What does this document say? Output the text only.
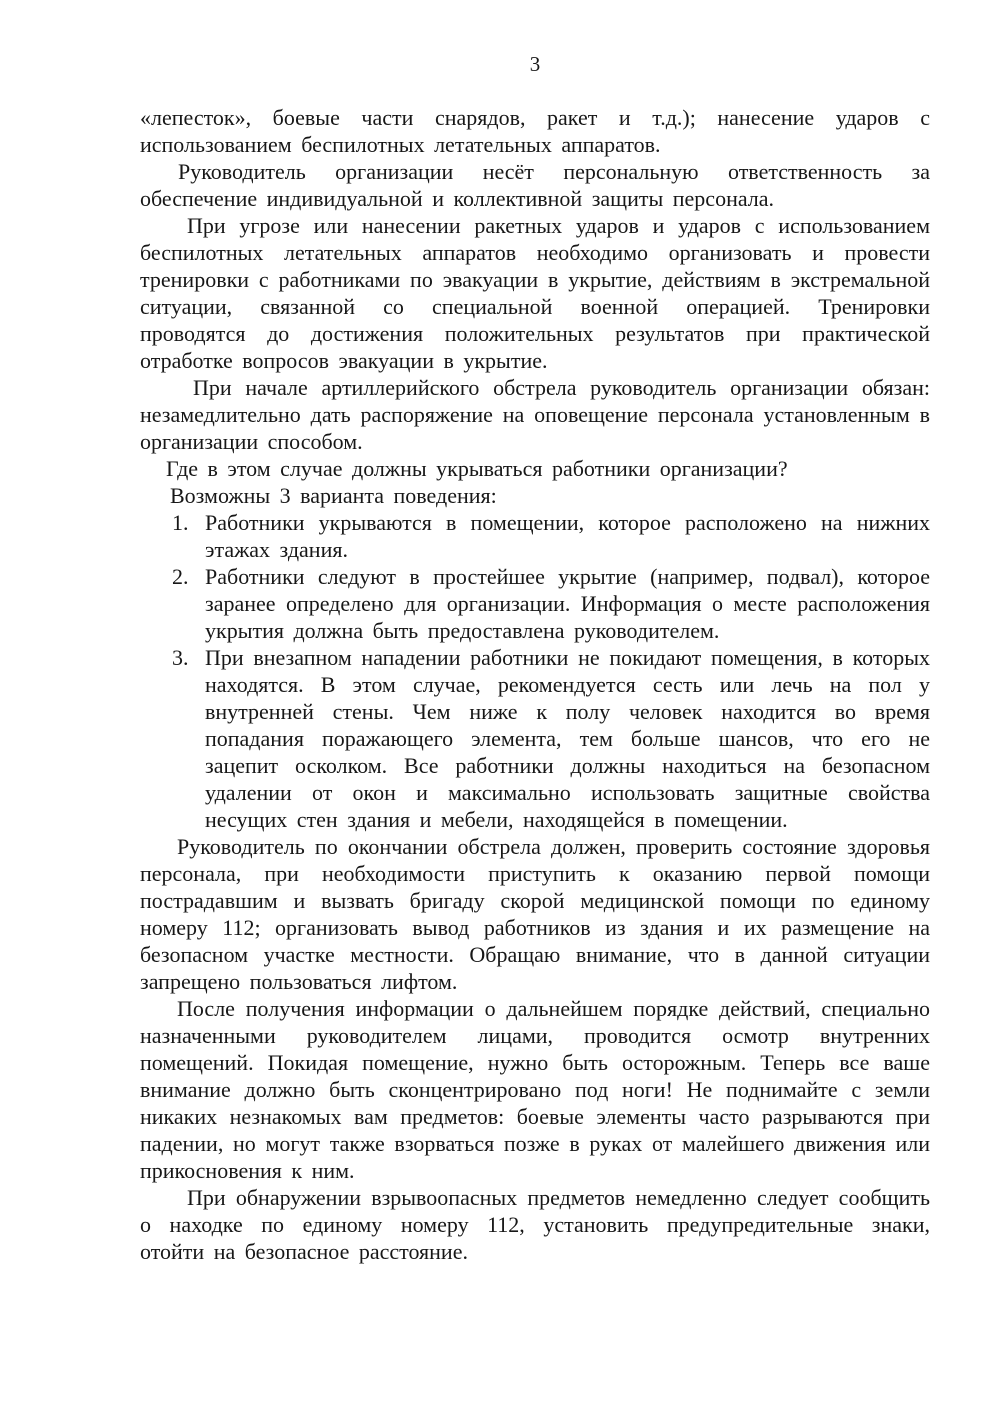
3

«лепесток», боевые части снарядов, ракет и т.д.); нанесение ударов с использованием беспилотных летательных аппаратов.

Руководитель организации несёт персональную ответственность за обеспечение индивидуальной и коллективной защиты персонала.

При угрозе или нанесении ракетных ударов и ударов с использованием беспилотных летательных аппаратов необходимо организовать и провести тренировки с работниками по эвакуации в укрытие, действиям в экстремальной ситуации, связанной со специальной военной операцией. Тренировки проводятся до достижения положительных результатов при практической отработке вопросов эвакуации в укрытие.

При начале артиллерийского обстрела руководитель организации обязан: незамедлительно дать распоряжение на оповещение персонала установленным в организации способом.

Где в этом случае должны укрываться работники организации?

Возможны 3 варианта поведения:

1. Работники укрываются в помещении, которое расположено на нижних этажах здания.
2. Работники следуют в простейшее укрытие (например, подвал), которое заранее определено для организации. Информация о месте расположения укрытия должна быть предоставлена руководителем.
3. При внезапном нападении работники не покидают помещения, в которых находятся. В этом случае, рекомендуется сесть или лечь на пол у внутренней стены. Чем ниже к полу человек находится во время попадания поражающего элемента, тем больше шансов, что его не зацепит осколком. Все работники должны находиться на безопасном удалении от окон и максимально использовать защитные свойства несущих стен здания и мебели, находящейся в помещении.

Руководитель по окончании обстрела должен, проверить состояние здоровья персонала, при необходимости приступить к оказанию первой помощи пострадавшим и вызвать бригаду скорой медицинской помощи по единому номеру 112; организовать вывод работников из здания и их размещение на безопасном участке местности. Обращаю внимание, что в данной ситуации запрещено пользоваться лифтом.

После получения информации о дальнейшем порядке действий, специально назначенными руководителем лицами, проводится осмотр внутренних помещений. Покидая помещение, нужно быть осторожным. Теперь все ваше внимание должно быть сконцентрировано под ноги! Не поднимайте с земли никаких незнакомых вам предметов: боевые элементы часто разрываются при падении, но могут также взорваться позже в руках от малейшего движения или прикосновения к ним.

При обнаружении взрывоопасных предметов немедленно следует сообщить о находке по единому номеру 112, установить предупредительные знаки, отойти на безопасное расстояние.
